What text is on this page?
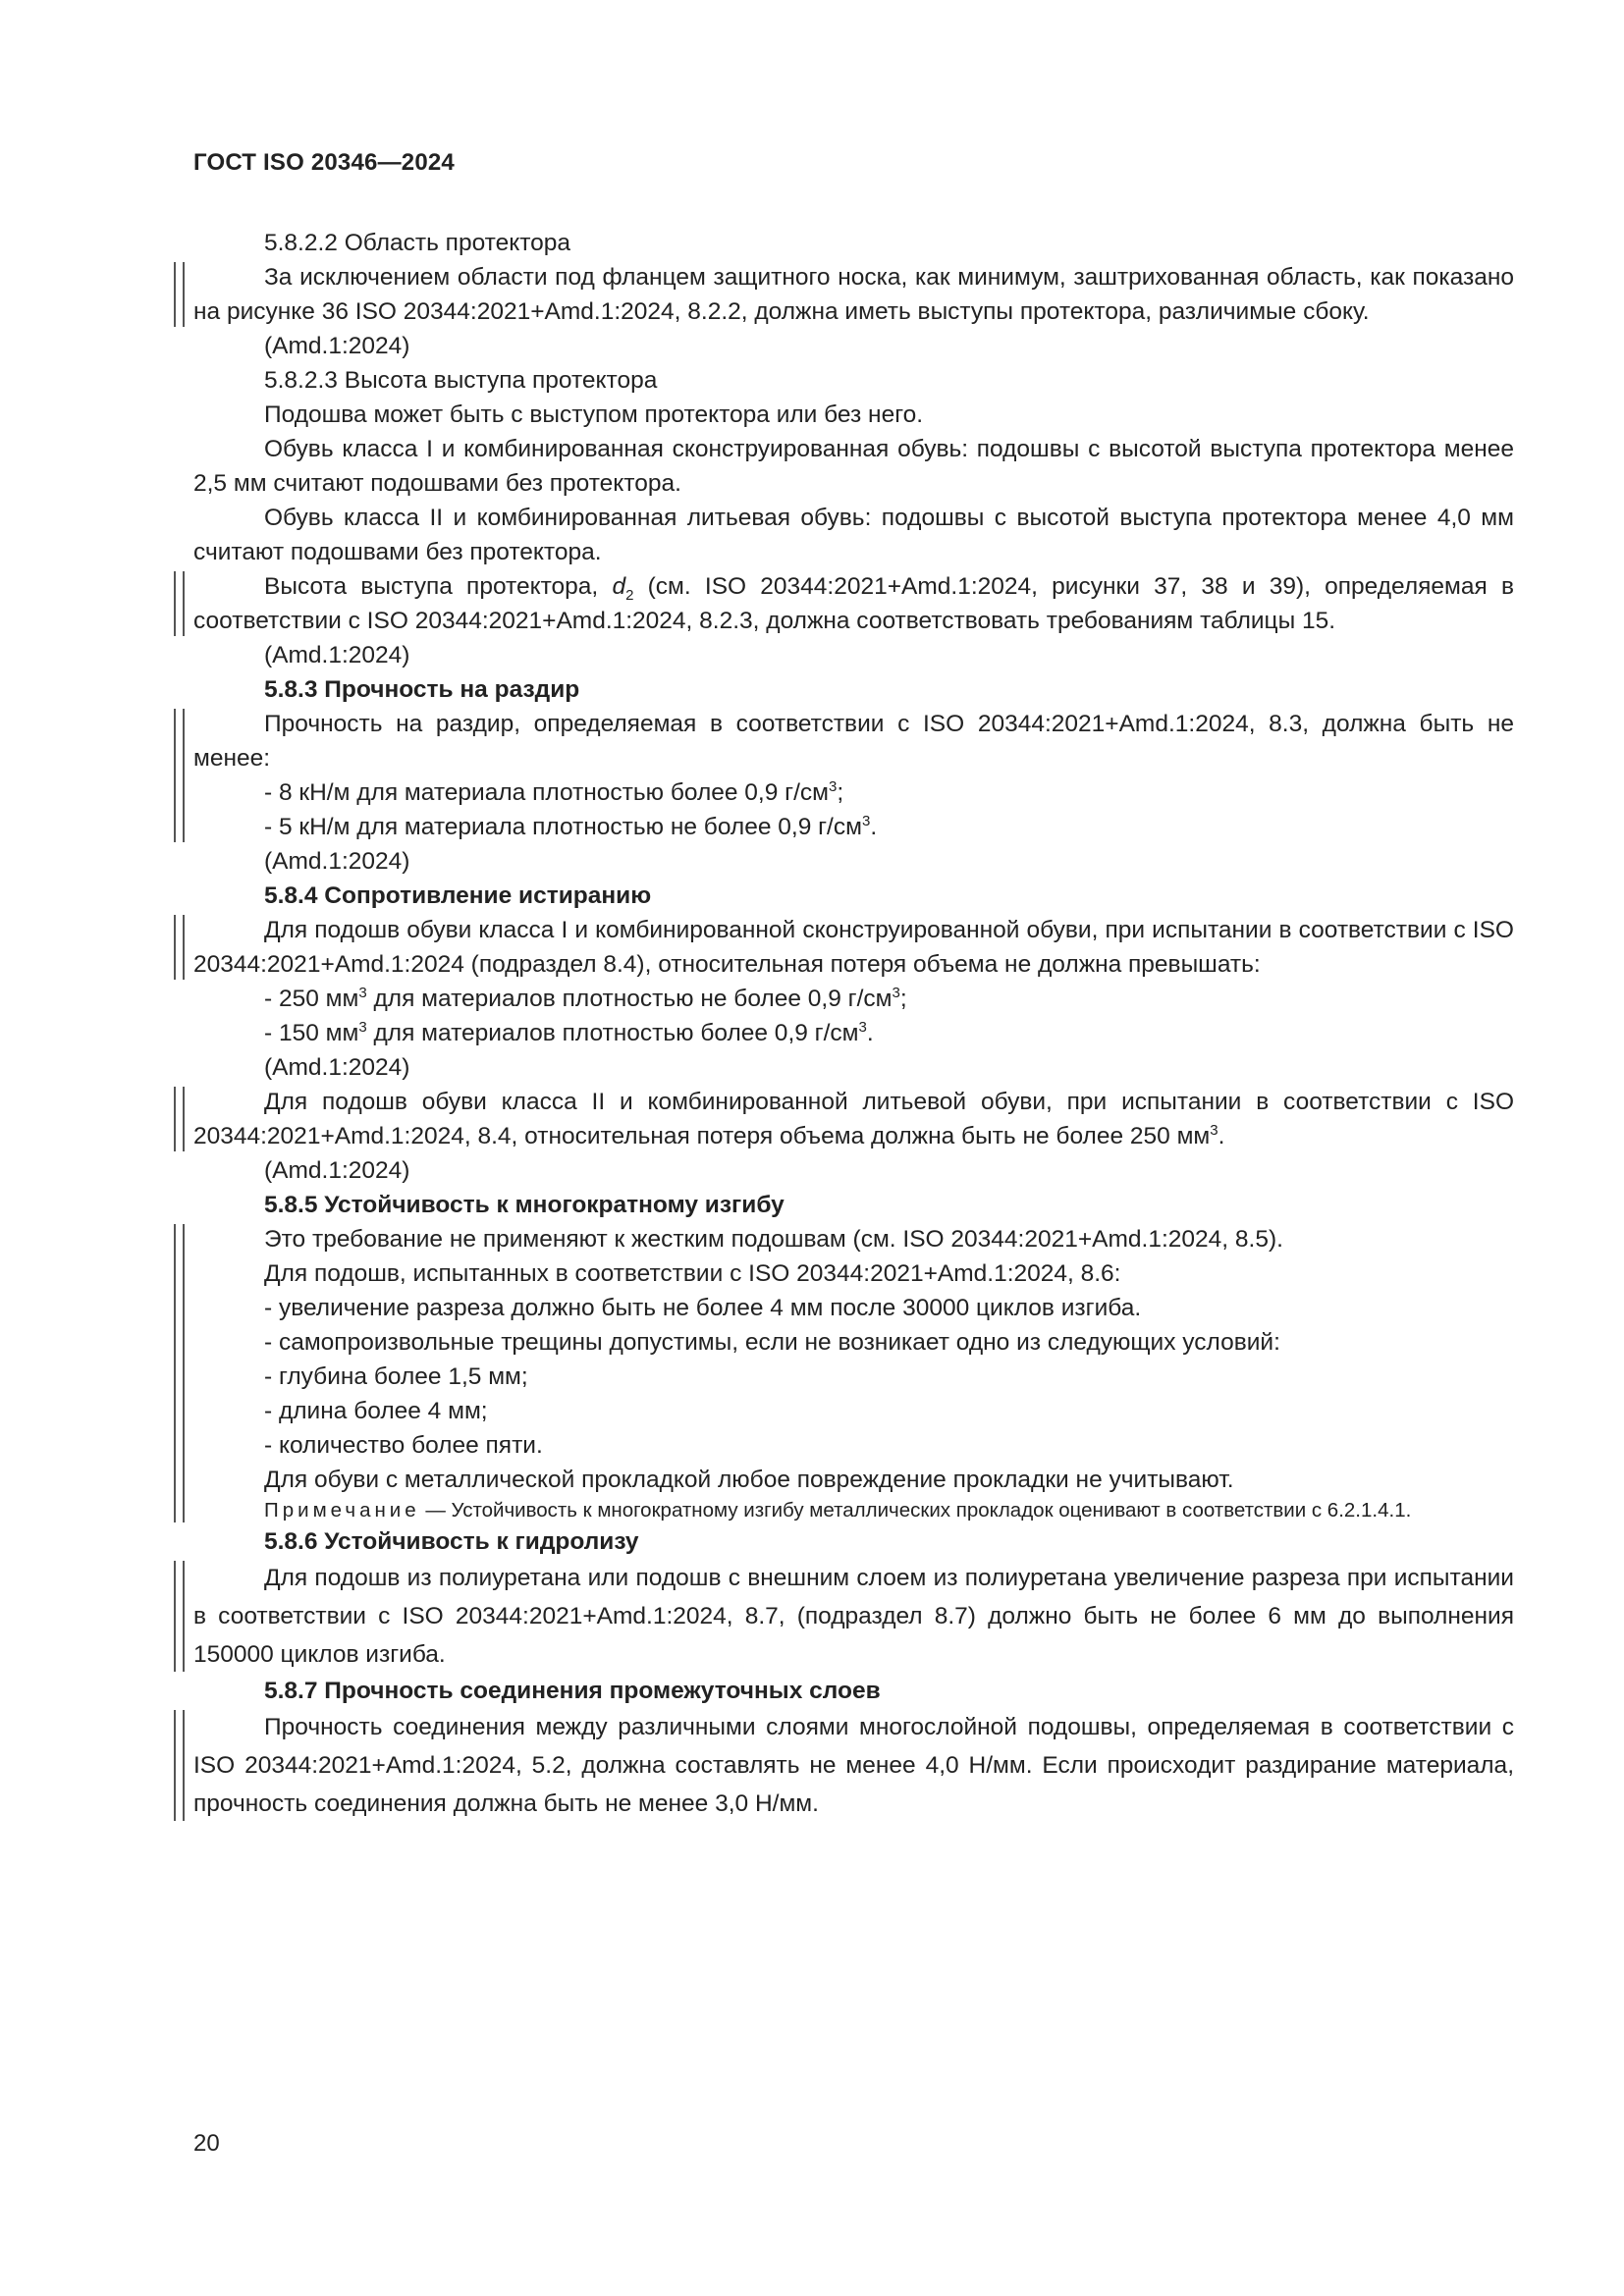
ГОСТ ISO 20346—2024

5.8.2.2 Область протектора

За исключением области под фланцем защитного носка, как минимум, заштрихованная область, как показано на рисунке 36 ISO 20344:2021+Amd.1:2024, 8.2.2, должна иметь выступы протектора, различимые сбоку.

(Amd.1:2024)

5.8.2.3 Высота выступа протектора

Подошва может быть с выступом протектора или без него.

Обувь класса I и комбинированная сконструированная обувь: подошвы с высотой выступа протектора менее 2,5 мм считают подошвами без протектора.

Обувь класса II и комбинированная литьевая обувь: подошвы с высотой выступа протектора менее 4,0 мм считают подошвами без протектора.

Высота выступа протектора, $d_2$ (см. ISO 20344:2021+Amd.1:2024, рисунки 37, 38 и 39), определяемая в соответствии с ISO 20344:2021+Amd.1:2024, 8.2.3, должна соответствовать требованиям таблицы 15.

(Amd.1:2024)

5.8.3 Прочность на раздир

Прочность на раздир, определяемая в соответствии с ISO 20344:2021+Amd.1:2024, 8.3, должна быть не менее:

- 8 кН/м для материала плотностью более 0,9 $г/см^3$;

- 5 кН/м для материала плотностью не более 0,9 $г/см^3$.

(Amd.1:2024)

5.8.4 Сопротивление истиранию

Для подошв обуви класса I и комбинированной сконструированной обуви, при испытании в соответствии с ISO 20344:2021+Amd.1:2024 (подраздел 8.4), относительная потеря объема не должна превышать:

- 250 $мм^3$ для материалов плотностью не более 0,9 $г/см^3$;

- 150 $мм^3$ для материалов плотностью более 0,9 $г/см^3$.

(Amd.1:2024)

Для подошв обуви класса II и комбинированной литьевой обуви, при испытании в соответствии с ISO 20344:2021+Amd.1:2024, 8.4, относительная потеря объема должна быть не более 250 $мм^3$.

(Amd.1:2024)

5.8.5 Устойчивость к многократному изгибу

Это требование не применяют к жестким подошвам (см. ISO 20344:2021+Amd.1:2024, 8.5).

Для подошв, испытанных в соответствии с ISO 20344:2021+Amd.1:2024, 8.6:

- увеличение разреза должно быть не более 4 мм после 30000 циклов изгиба.

- самопроизвольные трещины допустимы, если не возникает одно из следующих условий:

- глубина более 1,5 мм;

- длина более 4 мм;

- количество более пяти.

Для обуви с металлической прокладкой любое повреждение прокладки не учитывают.

Примечание — Устойчивость к многократному изгибу металлических прокладок оценивают в соответствии с 6.2.1.4.1.

5.8.6 Устойчивость к гидролизу

Для подошв из полиуретана или подошв с внешним слоем из полиуретана увеличение разреза при испытании в соответствии с ISO 20344:2021+Amd.1:2024, 8.7, (подраздел 8.7) должно быть не более 6 мм до выполнения 150000 циклов изгиба.

5.8.7 Прочность соединения промежуточных слоев

Прочность соединения между различными слоями многослойной подошвы, определяемая в соответствии с ISO 20344:2021+Amd.1:2024, 5.2, должна составлять не менее 4,0 Н/мм. Если происходит раздирание материала, прочность соединения должна быть не менее 3,0 Н/мм.

20
